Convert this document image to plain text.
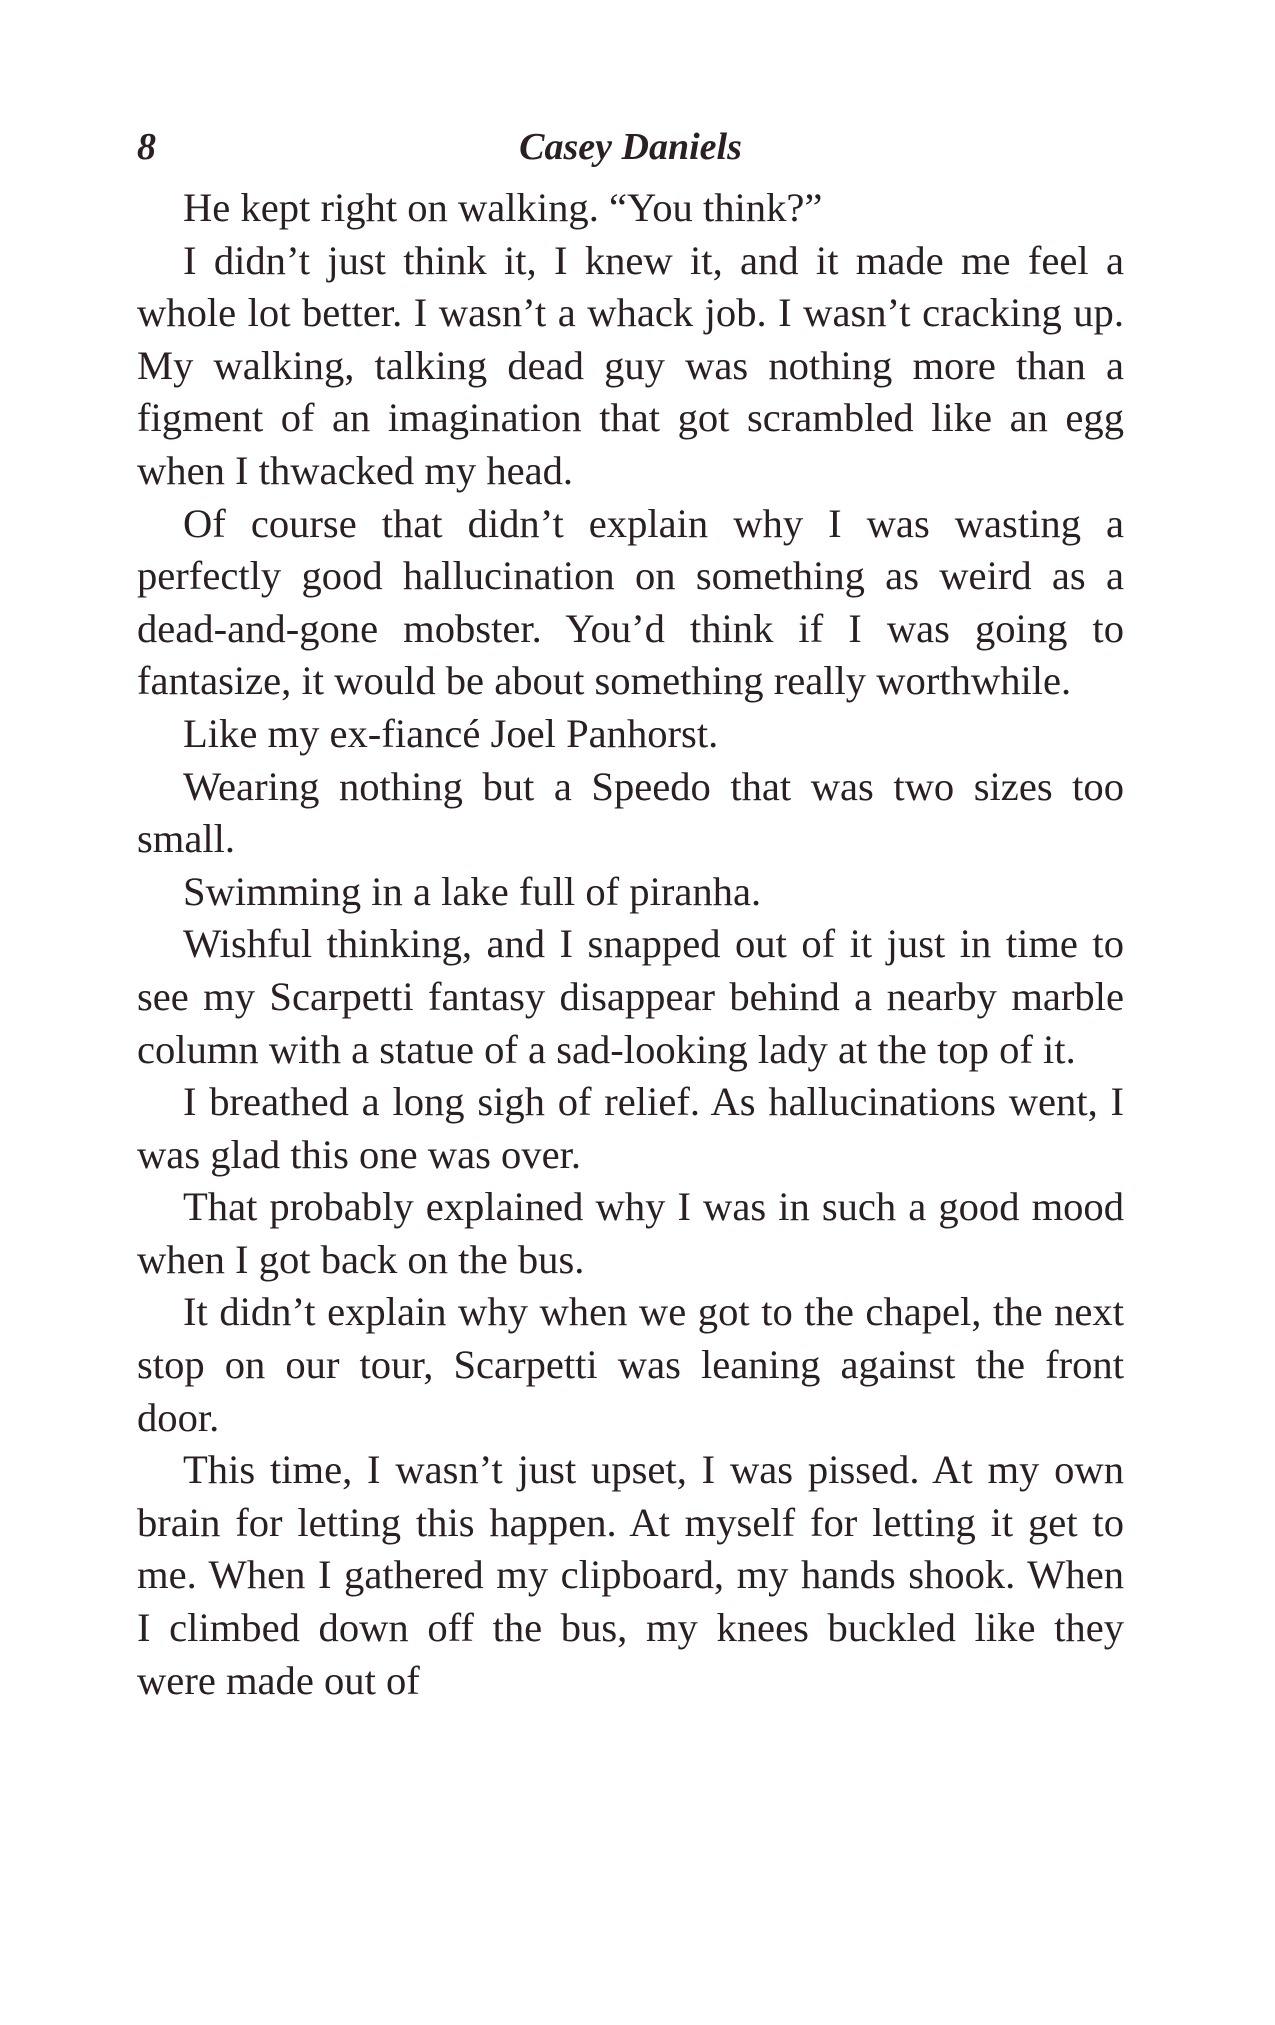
8	Casey Daniels

He kept right on walking. “You think?”

I didn’t just think it, I knew it, and it made me feel a whole lot better. I wasn’t a whack job. I wasn’t cracking up. My walking, talking dead guy was nothing more than a figment of an imagination that got scrambled like an egg when I thwacked my head.

Of course that didn’t explain why I was wasting a perfectly good hallucination on something as weird as a dead-and-gone mobster. You’d think if I was going to fantasize, it would be about something really worthwhile.

Like my ex-fiancé Joel Panhorst.

Wearing nothing but a Speedo that was two sizes too small.

Swimming in a lake full of piranha.

Wishful thinking, and I snapped out of it just in time to see my Scarpetti fantasy disappear behind a nearby marble column with a statue of a sad-looking lady at the top of it.

I breathed a long sigh of relief. As hallucinations went, I was glad this one was over.

That probably explained why I was in such a good mood when I got back on the bus.

It didn’t explain why when we got to the chapel, the next stop on our tour, Scarpetti was leaning against the front door.

This time, I wasn’t just upset, I was pissed. At my own brain for letting this happen. At myself for letting it get to me. When I gathered my clipboard, my hands shook. When I climbed down off the bus, my knees buckled like they were made out of
